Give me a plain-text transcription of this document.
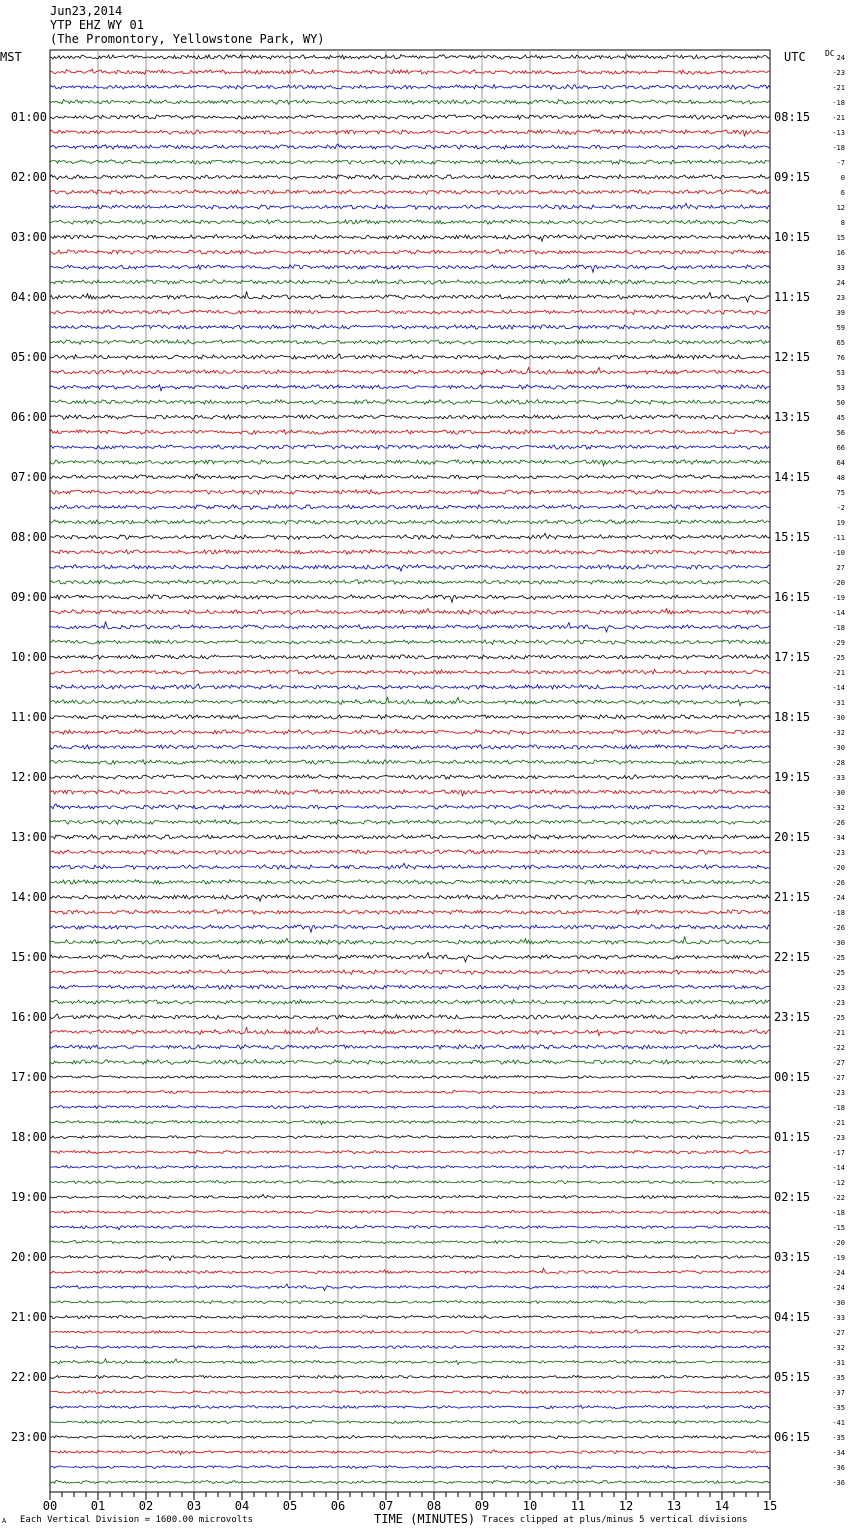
Jun23,2014
YTP EHZ WY 01
(The Promontory, Yellowstone Park, WY)
MST	UTC DC
01:00
02:00
03:00
04:00
05:00
06:00
07:00
08:00
09:00
10:00
11:00
12:00
13:00
14:00
15:00
16:00
17:00
18:00
19:00
20:00
21:00
22:00
23:00
08:15
09:15
10:15
11:15
12:15
13:15
14:15
15:15
16:15
17:15
18:15
19:15
20:15
21:15
22:15
23:15
00:15
01:15
02:15
03:15
04:15
05:15
06:15
24
-23
-21
-18
-21
-13
-18
-7
0
6
12
8
15
16
33
24
23
39
59
65
76
53
53
50
45
56
66
64
48
75
-2
19
-11
-10
27
-20
-19
-14
-18
-29
-25
-21
-14
-31
-30
-32
-30
-28
-33
-30
-32
-26
-34
-23
-20
-26
-24
-18
-26
-30
-25
-25
-23
-23
-25
-21
-22
-27
-27
-23
-18
-21
-23
-17
-14
-12
-22
-18
-15
-20
-19
-24
-24
-30
-33
-27
-32
-31
-35
-37
-35
-41
-35
-34
-36
-36
00	01	02	03	04	05	06	07	08	09	10	11	12	13	14	15
A Each Vertical Division = 1600.00 microvolts	TIME (MINUTES) Traces clipped at plus/minus 5 vertical divisions
